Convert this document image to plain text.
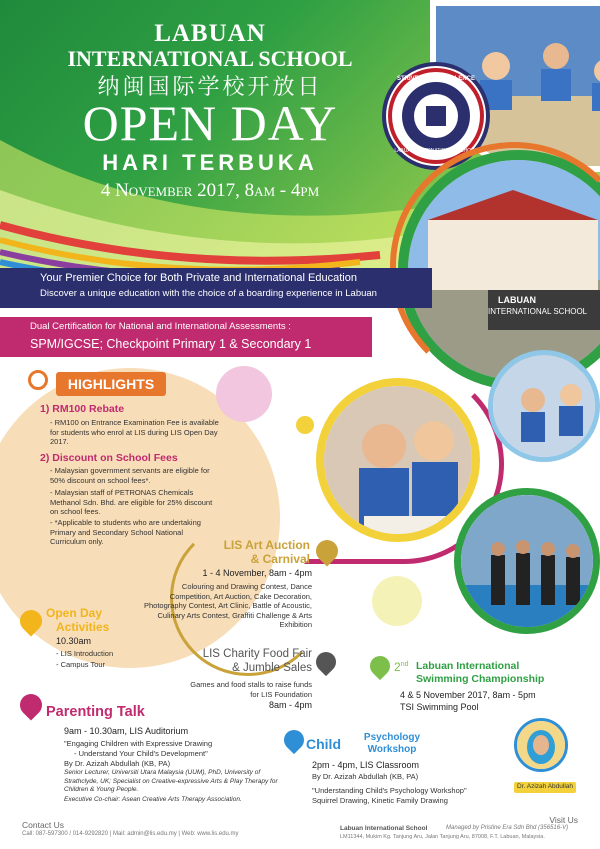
LABUAN
INTERNATIONAL SCHOOL
纳闽国际学校开放日
OPEN DAY
HARI TERBUKA
4 November 2017, 8am - 4pm
STRIVE FOR EXCELLENCE
LABUAN INTERNATIONAL SCHOOL
LABUAN
INTERNATIONAL SCHOOL
Your Premier Choice for Both Private and International Education
Discover a unique education with the choice of a boarding experience in Labuan
Dual Certification for National and International Assessments :
SPM/IGCSE; Checkpoint Primary 1 & Secondary 1
HIGHLIGHTS
1) RM100 Rebate
- RM100 on Entrance Examination Fee is available for students who enrol at LIS during LIS Open Day 2017.
2) Discount on School Fees
- Malaysian government servants are eligible for 50% discount on school fees*.
- Malaysian staff of PETRONAS Chemicals Methanol Sdn. Bhd. are eligible for 25% discount on school fees.
- *Applicable to students who are undertaking Primary and Secondary School National Curriculum only.	LIS Art Auction
& Carnival
1 - 4 November, 8am - 4pm
Colouring and Drawing Contest, Dance Competition, Art Auction, Cake Decoration, Photography Contest, Art Clinic, Battle of Acoustic, Culinary Arts Contest, Graffiti Challenge & Arts Exhibition
LIS Charity Food Fair
& Jumble Sales
Games and food stalls to raise funds for LIS Foundation
8am - 4pm
Open Day
Activities
10.30am
- LIS Introduction
- Campus Tour	2nd Labuan International
Swimming Championship
4 & 5 November 2017, 8am - 5pm
TSI Swimming Pool
Parenting Talk
9am - 10.30am, LIS Auditorium
"Engaging Children with Expressive Drawing
- Understand Your Child's Development"
By Dr. Azizah Abdullah (KB, PA)
Senior Lecturer, Universiti Utara Malaysia (UUM), PhD, University of Strathclyde, UK; Specialist on Creative-expressive Arts & Play Therapy for Children & Young People.
Executive Co-chair: Asean Creative Arts Therapy Association.
Child	Psychology
Workshop
2pm - 4pm, LIS Classroom
By Dr. Azizah Abdullah (KB, PA)
"Understanding Child's Psychology Workshop"
Squirrel Drawing, Kinetic Family Drawing
Dr. Azizah Abdullah
Contact Us
Call: 087-597300 / 014-9292820 | Mail: admin@lis.edu.my | Web: www.lis.edu.my
Visit Us
Labuan International School	Managed by Pristine Era Sdn Bhd (356516-V)
LM11344, Mukim Kg. Tanjung Aru, Jalan Tanjung Aru, 87008, F.T. Labuan, Malaysia.
